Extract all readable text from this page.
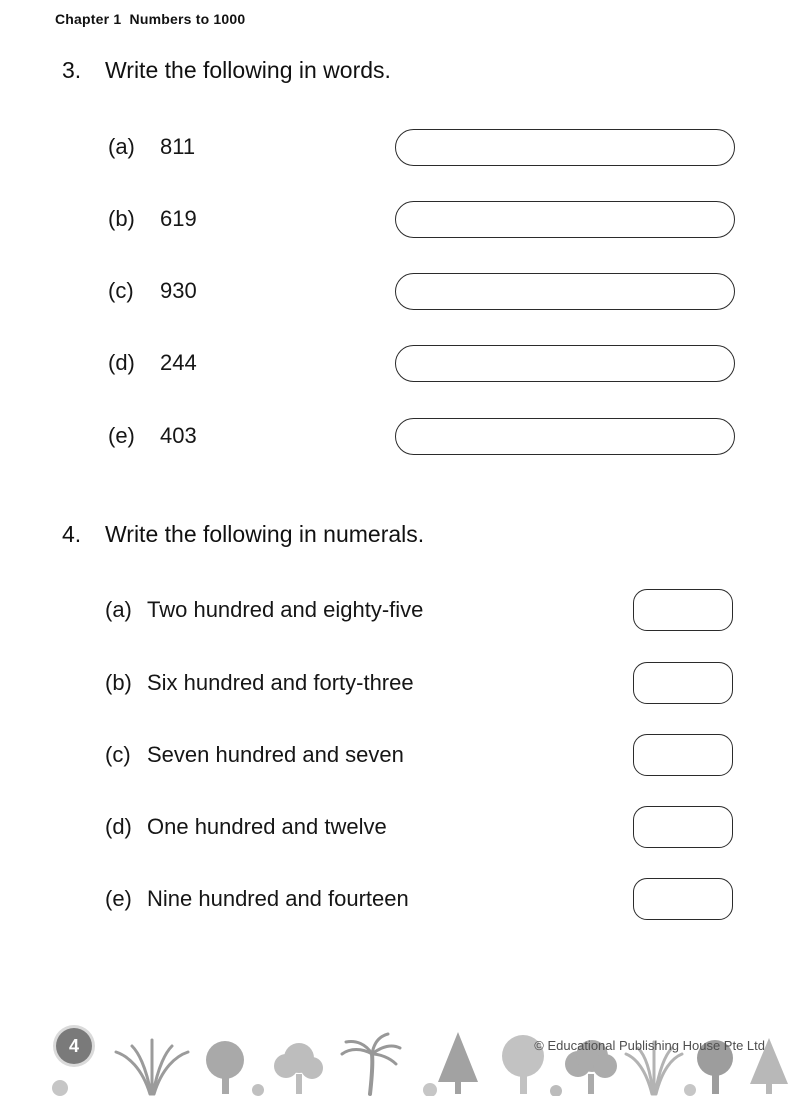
Chapter 1  Numbers to 1000
3.	Write the following in words.
(a)	811
(b)	619
(c)	930
(d)	244
(e)	403
4.	Write the following in numerals.
(a) Two hundred and eighty-five
(b) Six hundred and forty-three
(c) Seven hundred and seven
(d) One hundred and twelve
(e) Nine hundred and fourteen
4	© Educational Publishing House Pte Ltd
